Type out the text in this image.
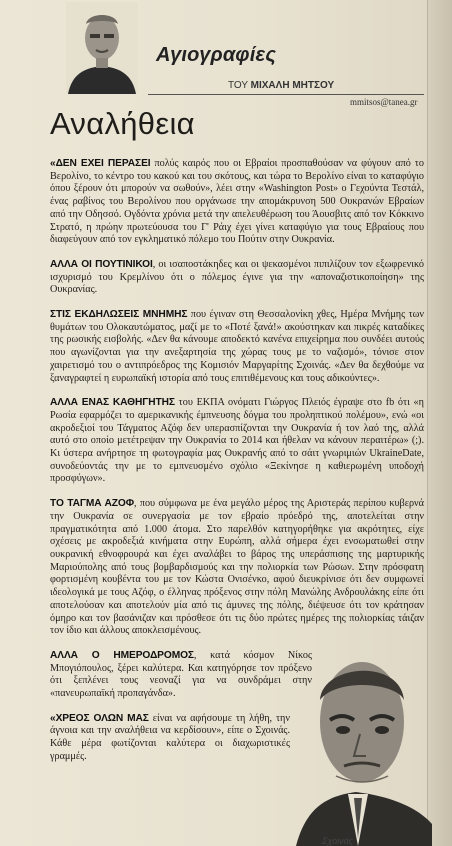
Αγιογραφίες
ΤΟΥ ΜΙΧΑΛΗ ΜΗΤΣΟΥ
mmitsos@tanea.gr
Αναλήθεια

«ΔΕΝ ΕΧΕΙ ΠΕΡΑΣΕΙ πολύς καιρός που οι Εβραίοι προσπαθούσαν να φύγουν από το Βερολίνο, το κέντρο του κακού και του σκότους, και τώρα το Βερολίνο είναι το καταφύγιο όπου ξέρουν ότι μπορούν να σωθούν», λέει στην «Washington Post» ο Γεχούντα Τεστάλ, ένας ραβίνος του Βερολίνου που οργάνωσε την απομάκρυνση 500 Ουκρανών Εβραίων από την Οδησσό. Ογδόντα χρόνια μετά την απελευθέρωση του Άουσβιτς από τον Κόκκινο Στρατό, η πρώην πρωτεύουσα του Γ' Ράιχ έχει γίνει καταφύγιο για τους Εβραίους που διαφεύγουν από τον εγκληματικό πόλεμο του Πούτιν στην Ουκρανία.

ΑΛΛΑ ΟΙ ΠΟΥΤΙΝΙΚΟΙ, οι ισαποστάκηδες και οι ψεκασμένοι πιπιλίζουν τον εξωφρενικό ισχυρισμό του Κρεμλίνου ότι ο πόλεμος έγινε για την «αποναζιστικοποίηση» της Ουκρανίας.

ΣΤΙΣ ΕΚΔΗΛΩΣΕΙΣ ΜΝΗΜΗΣ που έγιναν στη Θεσσαλονίκη χθες, Ημέρα Μνήμης των θυμάτων του Ολοκαυτώματος, μαζί με το «Ποτέ ξανά!» ακούστηκαν και πικρές καταδίκες της ρωσικής εισβολής. «Δεν θα κάνουμε αποδεκτό κανένα επιχείρημα που συνδέει αυτούς που αγωνίζονται για την ανεξαρτησία της χώρας τους με το ναζισμό», τόνισε στον χαιρετισμό του ο αντιπρόεδρος της Κομισιόν Μαργαρίτης Σχοινάς. «Δεν θα δεχθούμε να ξαναγραφτεί η ευρωπαϊκή ιστορία από τους επιτιθέμενους και τους αδικούντες».

ΑΛΛΑ ΕΝΑΣ ΚΑΘΗΓΗΤΗΣ του ΕΚΠΑ ονόματι Γιώργος Πλειός έγραψε στο fb ότι «η Ρωσία εφαρμόζει το αμερικανικής έμπνευσης δόγμα του προληπτικού πολέμου», ενώ «οι ακροδεξιοί του Τάγματος Αζόφ δεν υπερασπίζονται την Ουκρανία ή τον λαό της, αλλά αυτό στο οποίο μετέτρεψαν την Ουκρανία το 2014 και ήθελαν να κάνουν περαιτέρω» (;). Κι ύστερα ανήρτησε τη φωτογραφία μας Ουκρανής από το σάιτ γνωριμιών UkraineDate, συνοδεύοντάς την με το εμπνευσμένο σχόλιο «Ξεκίνησε η καθιερωμένη υποδοχή προσφύγων».

ΤΟ ΤΑΓΜΑ ΑΖΟΦ, που σύμφωνα με ένα μεγάλο μέρος της Αριστεράς περίπου κυβερνά την Ουκρανία σε συνεργασία με τον εβραίο πρόεδρό της, αποτελείται στην πραγματικότητα από 1.000 άτομα. Στο παρελθόν κατηγορήθηκε για ακρότητες, είχε σχέσεις με ακροδεξιά κινήματα στην Ευρώπη, αλλά σήμερα έχει ενσωματωθεί στην ουκρανική εθνοφρουρά και έχει αναλάβει το βάρος της υπεράσπισης της μαρτυρικής Μαριούπολης από τους βομβαρδισμούς και την πολιορκία των Ρώσων. Στην πρόσφατη φορτισμένη κουβέντα του με τον Κώστα Ονισένκο, αφού διευκρίνισε ότι δεν συμφωνεί ιδεολογικά με τους Αζόφ, ο έλληνας πρόξενος στην πόλη Μανώλης Ανδρουλάκης είπε ότι αποτελούσαν και αποτελούν μία από τις άμυνες της πόλης, διέψευσε ότι τον κράτησαν όμηρο και τον βασάνιζαν και πρόσθεσε ότι τις δύο πρώτες ημέρες της πολιορκίας τάιζαν τον ίδιο και άλλους αποκλεισμένους.

ΑΛΛΑ Ο ΗΜΕΡΟΔΡΟΜΟΣ, κατά κόσμον Νίκος Μπογιόπουλος, ξέρει καλύτερα. Και κατηγόρησε τον πρόξενο ότι ξεπλένει τους νεοναζί για να συνδράμει στην «πανευρωπαϊκή προπαγάνδα».

«ΧΡΕΟΣ ΟΛΩΝ ΜΑΣ είναι να αφήσουμε τη λήθη, την άγνοια και την αναλήθεια να κερδίσουν», είπε ο Σχοινάς. Κάθε μέρα φωτίζονται καλύτερα οι διαχωριστικές γραμμές.

Σχοινάς
